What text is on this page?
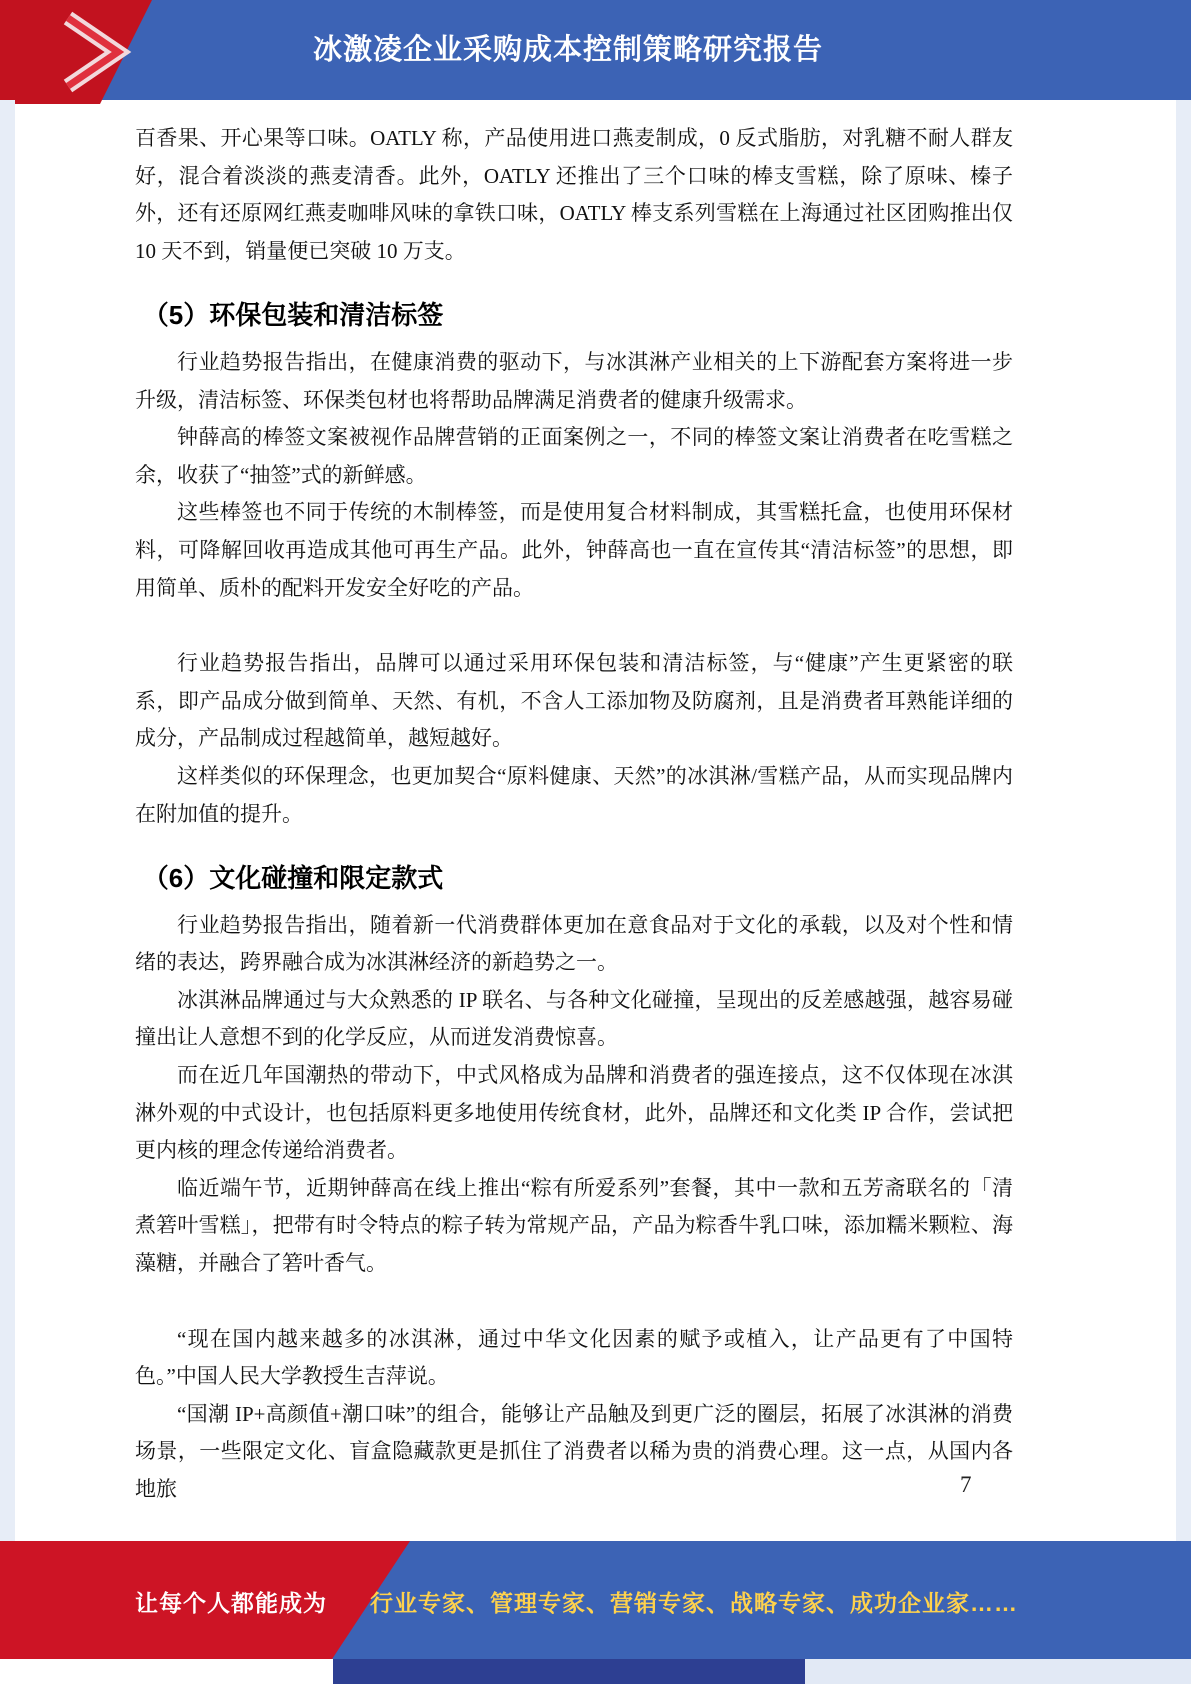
冰激凌企业采购成本控制策略研究报告

百香果、开心果等口味。OATLY 称，产品使用进口燕麦制成，0 反式脂肪，对乳糖不耐人群友好，混合着淡淡的燕麦清香。此外，OATLY 还推出了三个口味的棒支雪糕，除了原味、榛子外，还有还原网红燕麦咖啡风味的拿铁口味，OATLY 棒支系列雪糕在上海通过社区团购推出仅 10 天不到，销量便已突破 10 万支。

（5）环保包装和清洁标签

行业趋势报告指出，在健康消费的驱动下，与冰淇淋产业相关的上下游配套方案将进一步升级，清洁标签、环保类包材也将帮助品牌满足消费者的健康升级需求。

钟薛高的棒签文案被视作品牌营销的正面案例之一，不同的棒签文案让消费者在吃雪糕之余，收获了“抽签”式的新鲜感。

这些棒签也不同于传统的木制棒签，而是使用复合材料制成，其雪糕托盒，也使用环保材料，可降解回收再造成其他可再生产品。此外，钟薛高也一直在宣传其“清洁标签”的思想，即用简单、质朴的配料开发安全好吃的产品。

行业趋势报告指出，品牌可以通过采用环保包装和清洁标签，与“健康”产生更紧密的联系，即产品成分做到简单、天然、有机，不含人工添加物及防腐剂，且是消费者耳熟能详细的成分，产品制成过程越简单，越短越好。

这样类似的环保理念，也更加契合“原料健康、天然”的冰淇淋/雪糕产品，从而实现品牌内在附加值的提升。

（6）文化碰撞和限定款式

行业趋势报告指出，随着新一代消费群体更加在意食品对于文化的承载，以及对个性和情绪的表达，跨界融合成为冰淇淋经济的新趋势之一。

冰淇淋品牌通过与大众熟悉的 IP 联名、与各种文化碰撞，呈现出的反差感越强，越容易碰撞出让人意想不到的化学反应，从而迸发消费惊喜。

而在近几年国潮热的带动下，中式风格成为品牌和消费者的强连接点，这不仅体现在冰淇淋外观的中式设计，也包括原料更多地使用传统食材，此外，品牌还和文化类 IP 合作，尝试把更内核的理念传递给消费者。

临近端午节，近期钟薛高在线上推出“粽有所爱系列”套餐，其中一款和五芳斋联名的「清煮箬叶雪糕」，把带有时令特点的粽子转为常规产品，产品为粽香牛乳口味，添加糯米颗粒、海藻糖，并融合了箬叶香气。

“现在国内越来越多的冰淇淋，通过中华文化因素的赋予或植入，让产品更有了中国特色。”中国人民大学教授生吉萍说。

“国潮 IP+高颜值+潮口味”的组合，能够让产品触及到更广泛的圈层，拓展了冰淇淋的消费场景，一些限定文化、盲盒隐藏款更是抓住了消费者以稀为贵的消费心理。这一点，从国内各地旅	7
让每个人都能成为 行业专家、管理专家、营销专家、战略专家、成功企业家……
